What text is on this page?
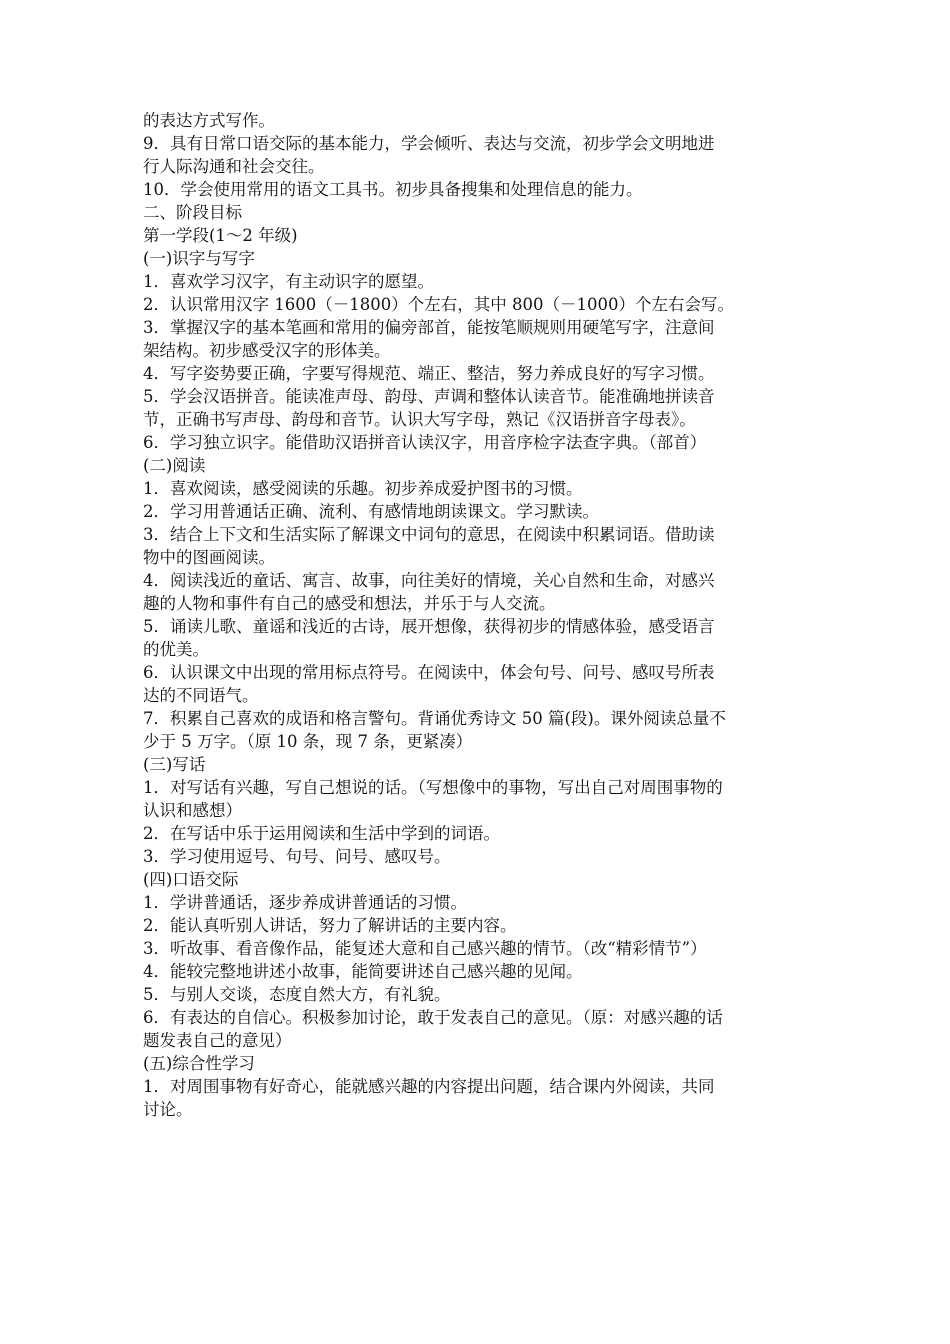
的表达方式写作。
9．具有日常口语交际的基本能力，学会倾听、表达与交流，初步学会文明地进
行人际沟通和社会交往。
10．学会使用常用的语文工具书。初步具备搜集和处理信息的能力。
二、阶段目标
第一学段(1～2 年级)
(一)识字与写字
1．喜欢学习汉字，有主动识字的愿望。
2．认识常用汉字 1600（－1800）个左右，其中 800（－1000）个左右会写。
3．掌握汉字的基本笔画和常用的偏旁部首，能按笔顺规则用硬笔写字，注意间
架结构。初步感受汉字的形体美。
4．写字姿势要正确，字要写得规范、端正、整洁，努力养成良好的写字习惯。
5．学会汉语拼音。能读准声母、韵母、声调和整体认读音节。能准确地拼读音
节，正确书写声母、韵母和音节。认识大写字母，熟记《汉语拼音字母表》。
6．学习独立识字。能借助汉语拼音认读汉字，用音序检字法查字典。（部首）
(二)阅读
1．喜欢阅读，感受阅读的乐趣。初步养成爱护图书的习惯。
2．学习用普通话正确、流利、有感情地朗读课文。学习默读。
3．结合上下文和生活实际了解课文中词句的意思，在阅读中积累词语。借助读
物中的图画阅读。
4．阅读浅近的童话、寓言、故事，向往美好的情境，关心自然和生命，对感兴
趣的人物和事件有自己的感受和想法，并乐于与人交流。
5．诵读儿歌、童谣和浅近的古诗，展开想像，获得初步的情感体验，感受语言
的优美。
6．认识课文中出现的常用标点符号。在阅读中，体会句号、问号、感叹号所表
达的不同语气。
7．积累自己喜欢的成语和格言警句。背诵优秀诗文 50 篇(段)。课外阅读总量不
少于 5 万字。（原 10 条，现 7 条，更紧凑）
(三)写话
1．对写话有兴趣，写自己想说的话。（写想像中的事物，写出自己对周围事物的
认识和感想）
2．在写话中乐于运用阅读和生活中学到的词语。
3．学习使用逗号、句号、问号、感叹号。
(四)口语交际
1．学讲普通话，逐步养成讲普通话的习惯。
2．能认真听别人讲话，努力了解讲话的主要内容。
3．听故事、看音像作品，能复述大意和自己感兴趣的情节。（改“精彩情节”）
4．能较完整地讲述小故事，能简要讲述自己感兴趣的见闻。
5．与别人交谈，态度自然大方，有礼貌。
6．有表达的自信心。积极参加讨论，敢于发表自己的意见。（原：对感兴趣的话
题发表自己的意见）
(五)综合性学习
1．对周围事物有好奇心，能就感兴趣的内容提出问题，结合课内外阅读，共同
讨论。
